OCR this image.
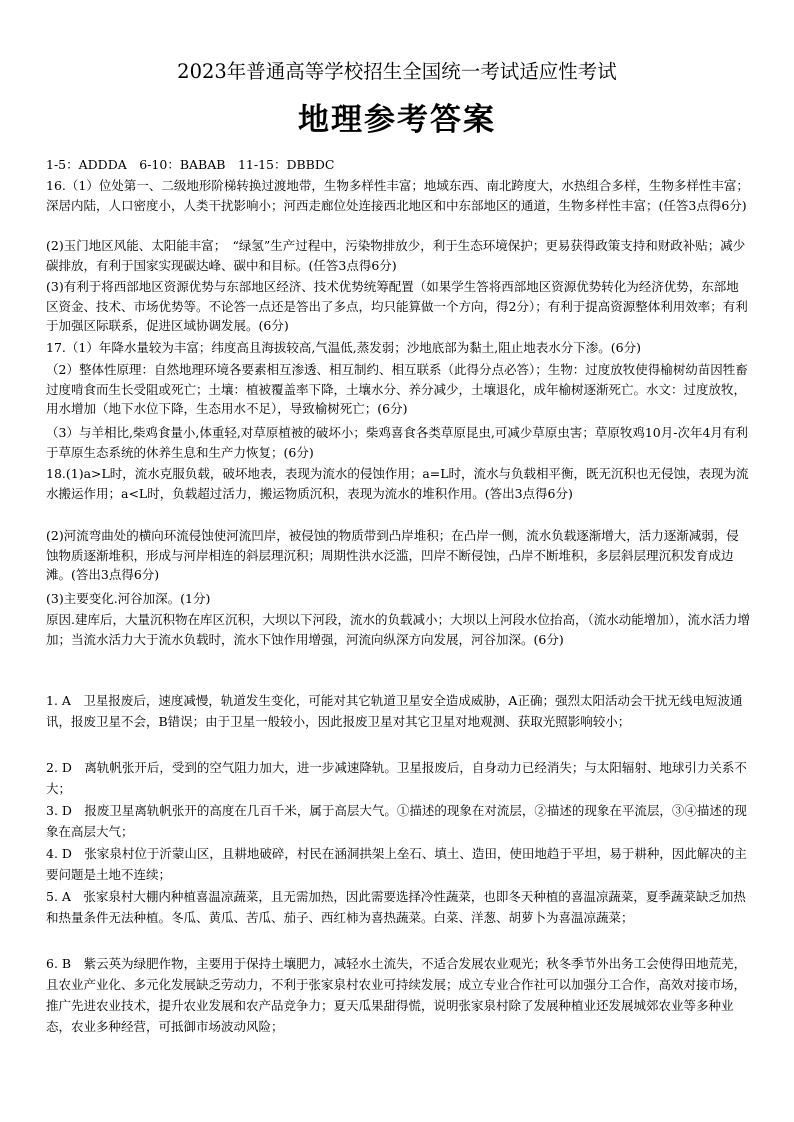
2023年普通高等学校招生全国统一考试适应性考试
地理参考答案
1-5：ADDDA　6-10：BABAB　11-15：DBBDC
16.（1）位处第一、二级地形阶梯转换过渡地带，生物多样性丰富；地域东西、南北跨度大，水热组合多样，生物多样性丰富；深居内陆，人口密度小，人类干扰影响小；河西走廊位处连接西北地区和中东部地区的通道，生物多样性丰富；(任答3点得6分)
(2)玉门地区风能、太阳能丰富；　“绿氢”生产过程中，污染物排放少，利于生态环境保护；更易获得政策支持和财政补贴；减少碳排放，有利于国家实现碳达峰、碳中和目标。(任答3点得6分)
(3)有利于将西部地区资源优势与东部地区经济、技术优势统筹配置（如果学生答将西部地区资源优势转化为经济优势，东部地区资金、技术、市场优势等。不论答一点还是答出了多点，均只能算做一个方向，得2分）；有利于提高资源整体利用效率；有利于加强区际联系，促进区域协调发展。(6分)
17.（1）年降水量较为丰富；纬度高且海拔较高,气温低,蒸发弱；沙地底部为黏土,阻止地表水分下渗。(6分)
（2）整体性原理：自然地理环境各要素相互渗透、相互制约、相互联系（此得分点必答）；生物：过度放牧使得榆树幼苗因牲畜过度啃食而生长受阻或死亡；土壤：植被覆盖率下降，土壤水分、养分减少，土壤退化，成年榆树逐渐死亡。水文：过度放牧，用水增加（地下水位下降，生态用水不足），导致榆树死亡；(6分)
（3）与羊相比,柴鸡食量小,体重轻,对草原植被的破坏小；柴鸡喜食各类草原昆虫,可减少草原虫害；草原牧鸡10月-次年4月有利于草原生态系统的休养生息和生产力恢复；(6分)
18.(1)a>L时，流水克服负载，破坏地表，表现为流水的侵蚀作用；a=L时，流水与负载相平衡，既无沉积也无侵蚀，表现为流水搬运作用；a<L时，负载超过活力，搬运物质沉积，表现为流水的堆积作用。(答出3点得6分)
(2)河流弯曲处的横向环流侵蚀使河流凹岸，被侵蚀的物质带到凸岸堆积；在凸岸一侧，流水负载逐渐增大，活力逐渐减弱，侵蚀物质逐渐堆积，形成与河岸相连的斜层理沉积；周期性洪水泛滥，凹岸不断侵蚀，凸岸不断堆积，多层斜层理沉积发育成边滩。(答出3点得6分)
(3)主要变化.河谷加深。(1分)
原因.建库后，大量沉积物在库区沉积，大坝以下河段，流水的负载减小；大坝以上河段水位抬高，（流水动能增加），流水活力增加；当流水活力大于流水负载时，流水下蚀作用增强，河流向纵深方向发展，河谷加深。(6分)
1. A　卫星报废后，速度减慢，轨道发生变化，可能对其它轨道卫星安全造成威胁，A正确；强烈太阳活动会干扰无线电短波通讯，报废卫星不会，B错误；由于卫星一般较小，因此报废卫星对其它卫星对地观测、获取光照影响较小；
2. D　离轨帆张开后，受到的空气阻力加大，进一步减速降轨。卫星报废后，自身动力已经消失；与太阳辐射、地球引力关系不大；
3. D　报废卫星离轨帆张开的高度在几百千米，属于高层大气。①描述的现象在对流层，②描述的现象在平流层，③④描述的现象在高层大气；
4. D　张家泉村位于沂蒙山区，且耕地破碎，村民在涵洞拱架上垒石、填土、造田，使田地趋于平坦，易于耕种，因此解决的主要问题是土地不连续；
5. A　张家泉村大棚内种植喜温凉蔬菜，且无需加热，因此需要选择冷性蔬菜，也即冬天种植的喜温凉蔬菜，夏季蔬菜缺乏加热和热量条件无法种植。冬瓜、黄瓜、苦瓜、茄子、西红柿为喜热蔬菜。白菜、洋葱、胡萝卜为喜温凉蔬菜；
6. B　紫云英为绿肥作物，主要用于保持土壤肥力，减轻水土流失，不适合发展农业观光；秋冬季节外出务工会使得田地荒芜，且农业产业化、多元化发展缺乏劳动力，不利于张家泉村农业可持续发展；成立专业合作社可以加强分工合作，高效对接市场，推广先进农业技术，提升农业发展和农产品竞争力；夏天瓜果甜得慌，说明张家泉村除了发展种植业还发展城郊农业等多种业态，农业多种经营，可抵御市场波动风险；
